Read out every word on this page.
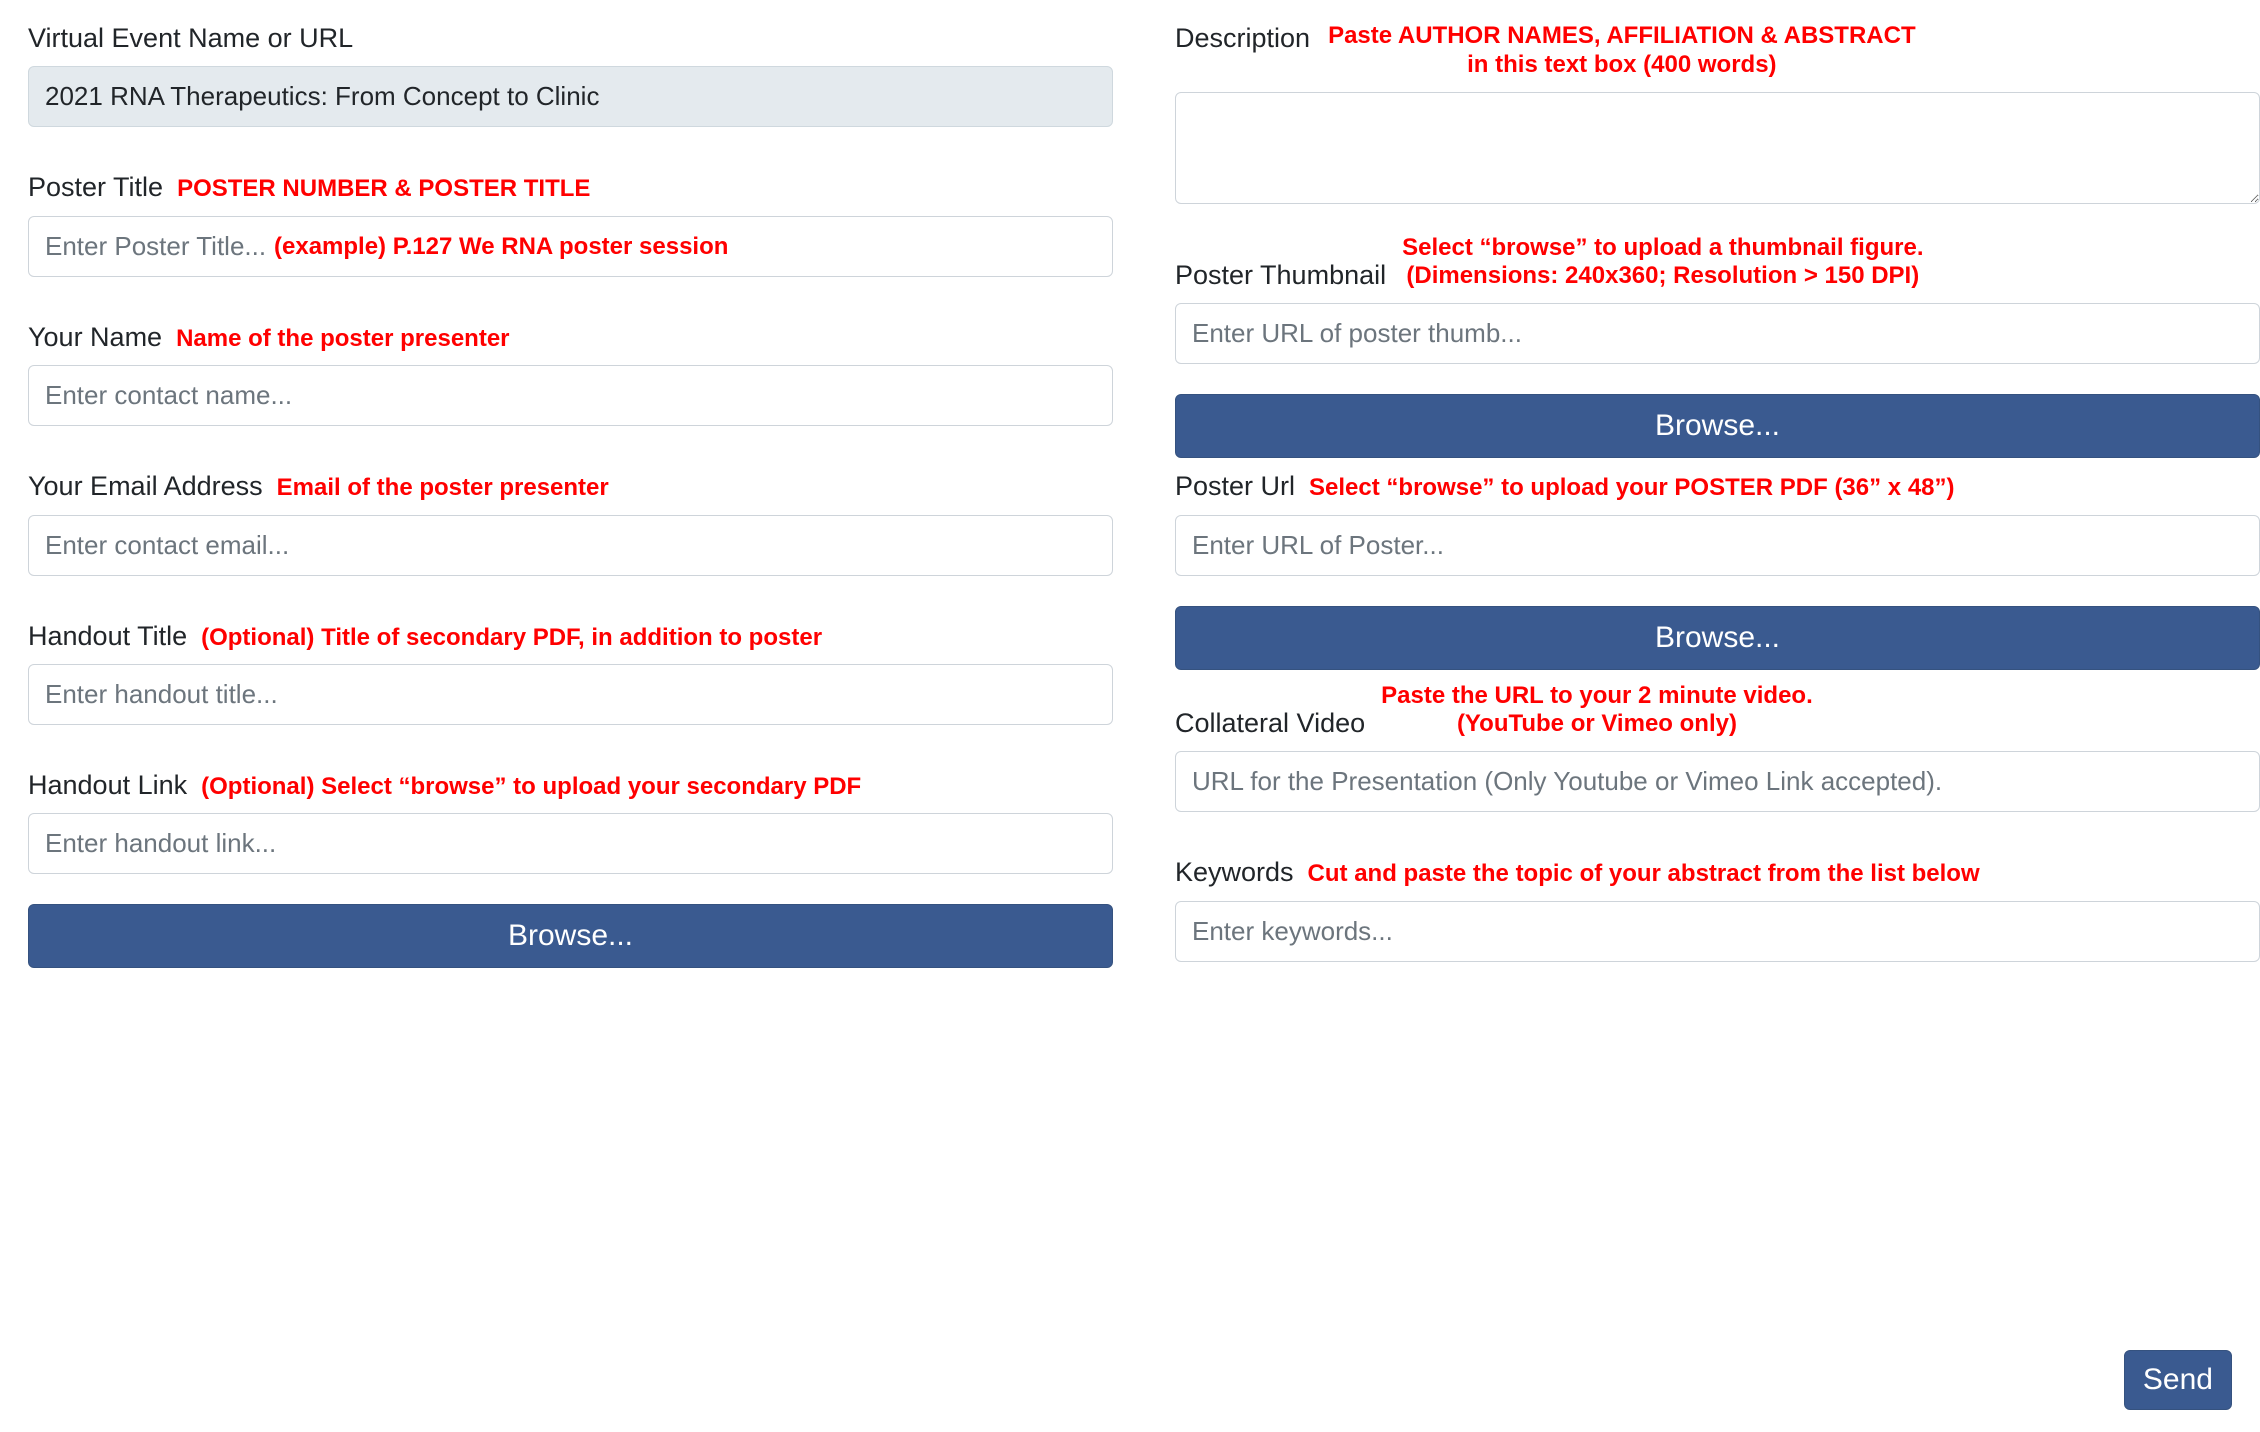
Virtual Event Name or URL
2021 RNA Therapeutics: From Concept to Clinic
Poster Title POSTER NUMBER & POSTER TITLE
Enter Poster Title...
(example) P.127 We RNA poster session
Your Name Name of the poster presenter
Enter contact name...
Your Email Address Email of the poster presenter
Enter contact email...
Handout Title (Optional) Title of secondary PDF, in addition to poster
Enter handout title...
Handout Link (Optional) Select “browse” to upload your secondary PDF
Enter handout link...
Browse...
Description Paste AUTHOR NAMES, AFFILIATION & ABSTRACT
in this text box (400 words)
Poster Thumbnail
Select “browse” to upload a thumbnail figure.
(Dimensions: 240x360; Resolution > 150 DPI)
Enter URL of poster thumb...
Browse...
Poster Url Select “browse” to upload your POSTER PDF (36” x 48”)
Enter URL of Poster...
Browse...
Collateral Video
Paste the URL to your 2 minute video.
(YouTube or Vimeo only)
URL for the Presentation (Only Youtube or Vimeo Link accepted).
Keywords Cut and paste the topic of your abstract from the list below
Enter keywords...
Send
